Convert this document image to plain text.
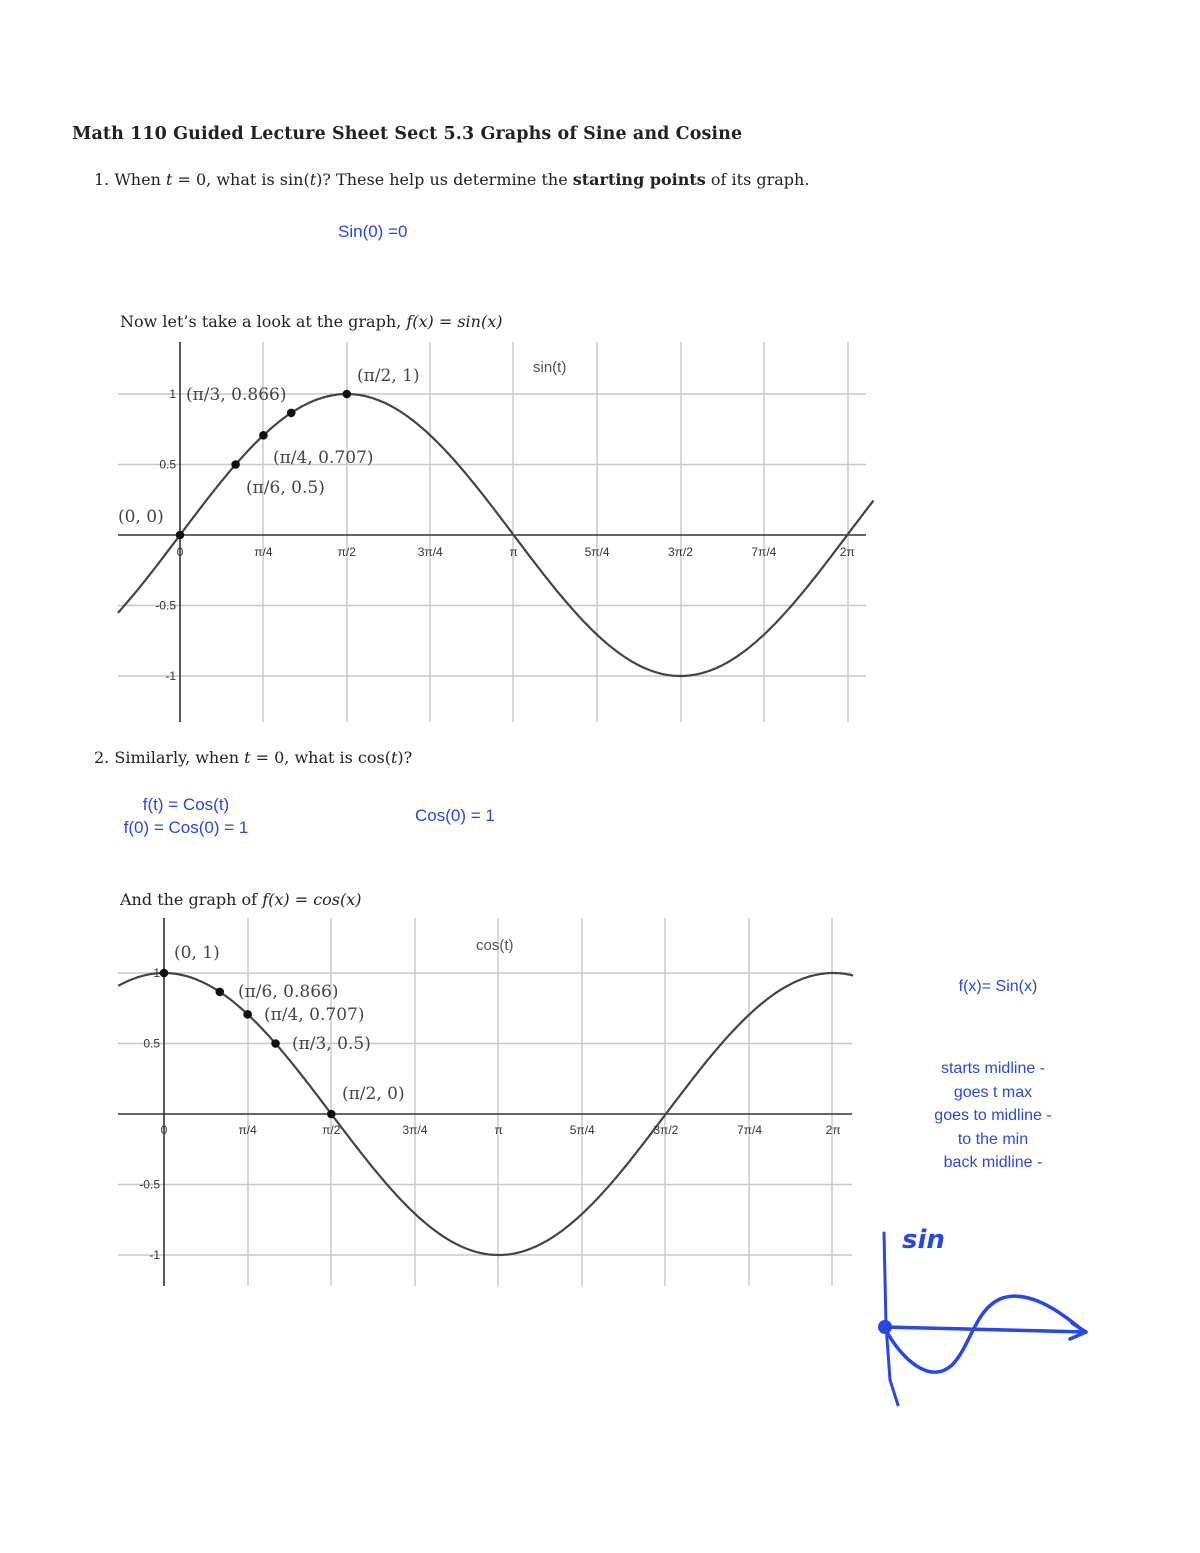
Math 110 Guided Lecture Sheet Sect 5.3 Graphs of Sine and Cosine
1. When t = 0, what is sin(t)? These help us determine the starting points of its graph.
Sin(0) =0
Now let’s take a look at the graph, f(x) = sin(x)
0	π/4	π/2	3π/4	π	5π/4	3π/2	7π/4	2π
1
0.5
-0.5
-1
sin(t)
(0, 0)
(π/6, 0.5)
(π/4, 0.707)
(π/3, 0.866)
(π/2, 1)
2. Similarly, when t = 0, what is cos(t)?
f(t) = Cos(t)
f(0) = Cos(0) = 1
Cos(0) = 1
And the graph of f(x) = cos(x)
f(x)= Sin(x)
starts midline -
goes t max
goes to midline -
to the min
back midline -
sin
0	π/4	π/2	3π/4	π	5π/4	3π/2	7π/4	2π
1
0.5
-0.5
-1
cos(t)
(0, 1)
(π/6, 0.866)
(π/4, 0.707)
(π/3, 0.5)
(π/2, 0)
